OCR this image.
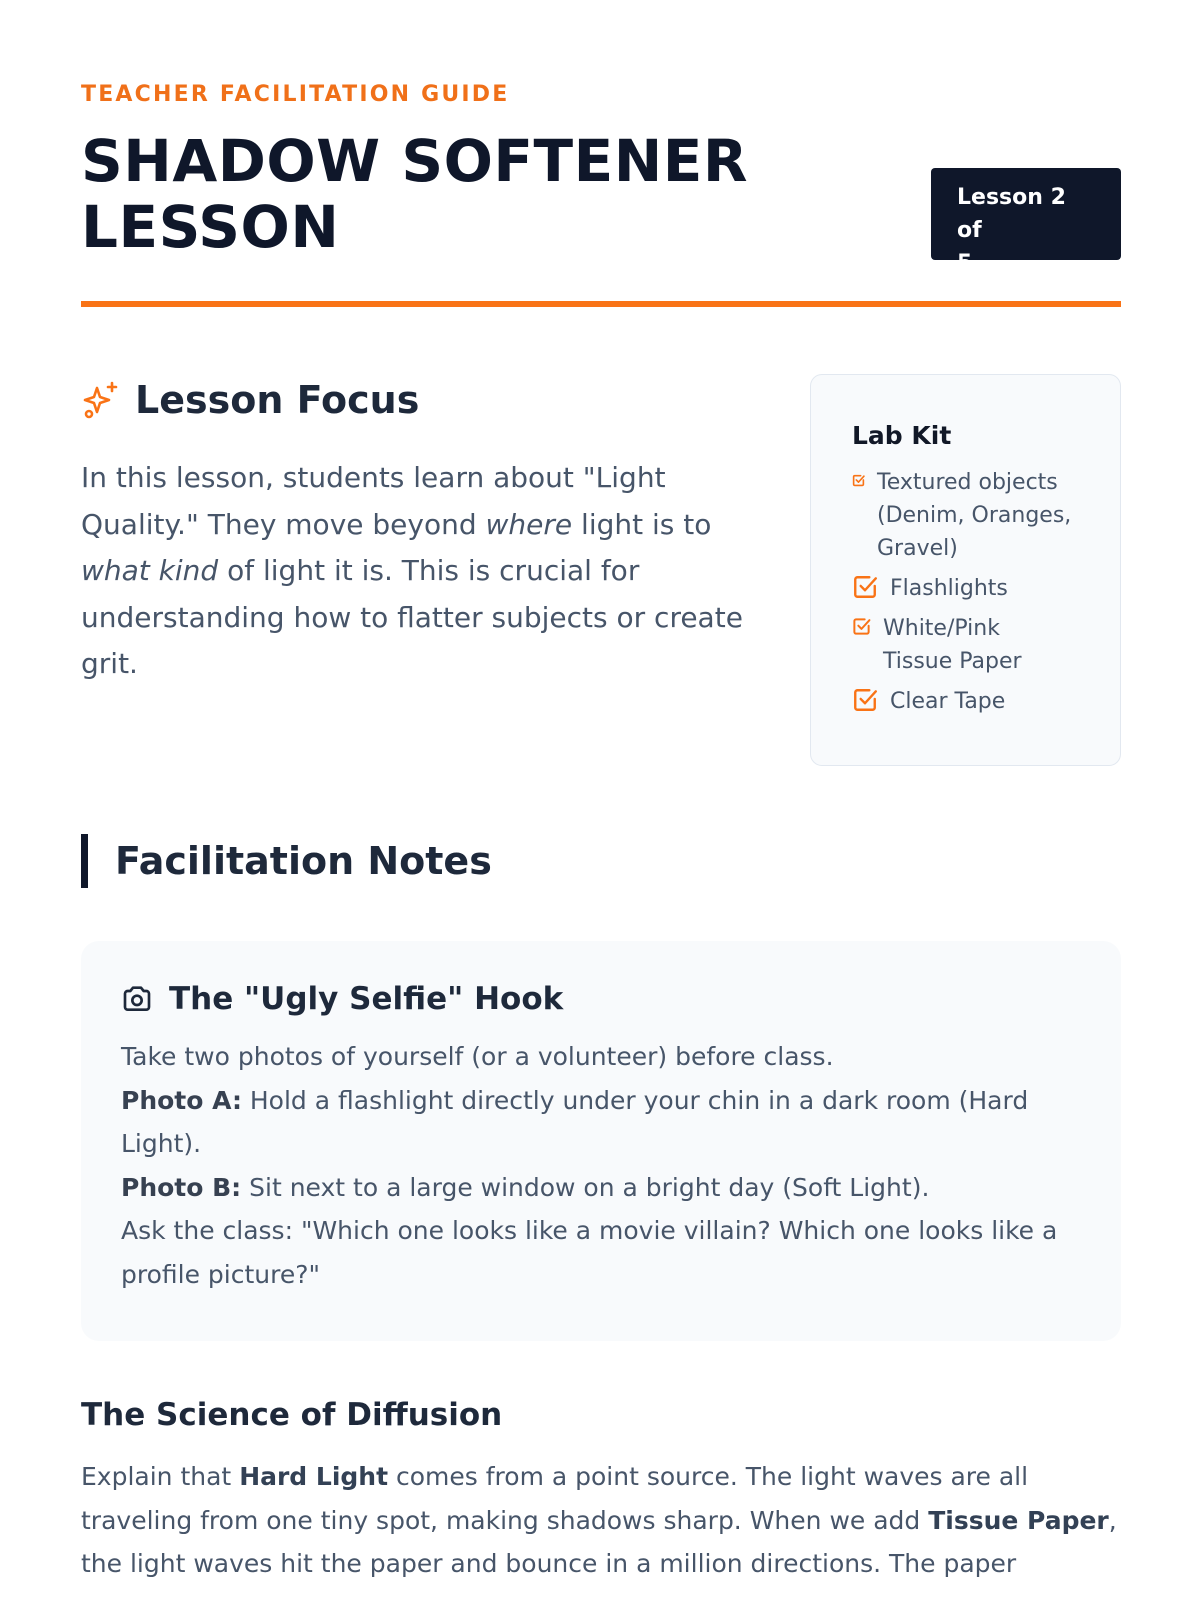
TEACHER FACILITATION GUIDE
SHADOW SOFTENER
LESSON	Lesson 2 of
5
Lesson Focus

In this lesson, students learn about "Light Quality." They move beyond where light is to what kind of light it is. This is crucial for understanding how to flatter subjects or create grit.

Lab Kit
Textured objects (Denim, Oranges, Gravel)
Flashlights
White/Pink Tissue Paper
Clear Tape
Facilitation Notes
The "Ugly Selfie" Hook
Take two photos of yourself (or a volunteer) before class.
Photo A: Hold a flashlight directly under your chin in a dark room (Hard Light).
Photo B: Sit next to a large window on a bright day (Soft Light).
Ask the class: "Which one looks like a movie villain? Which one looks like a profile picture?"
The Science of Diffusion

Explain that Hard Light comes from a point source. The light waves are all traveling from one tiny spot, making shadows sharp. When we add Tissue Paper, the light waves hit the paper and bounce in a million directions. The paper
